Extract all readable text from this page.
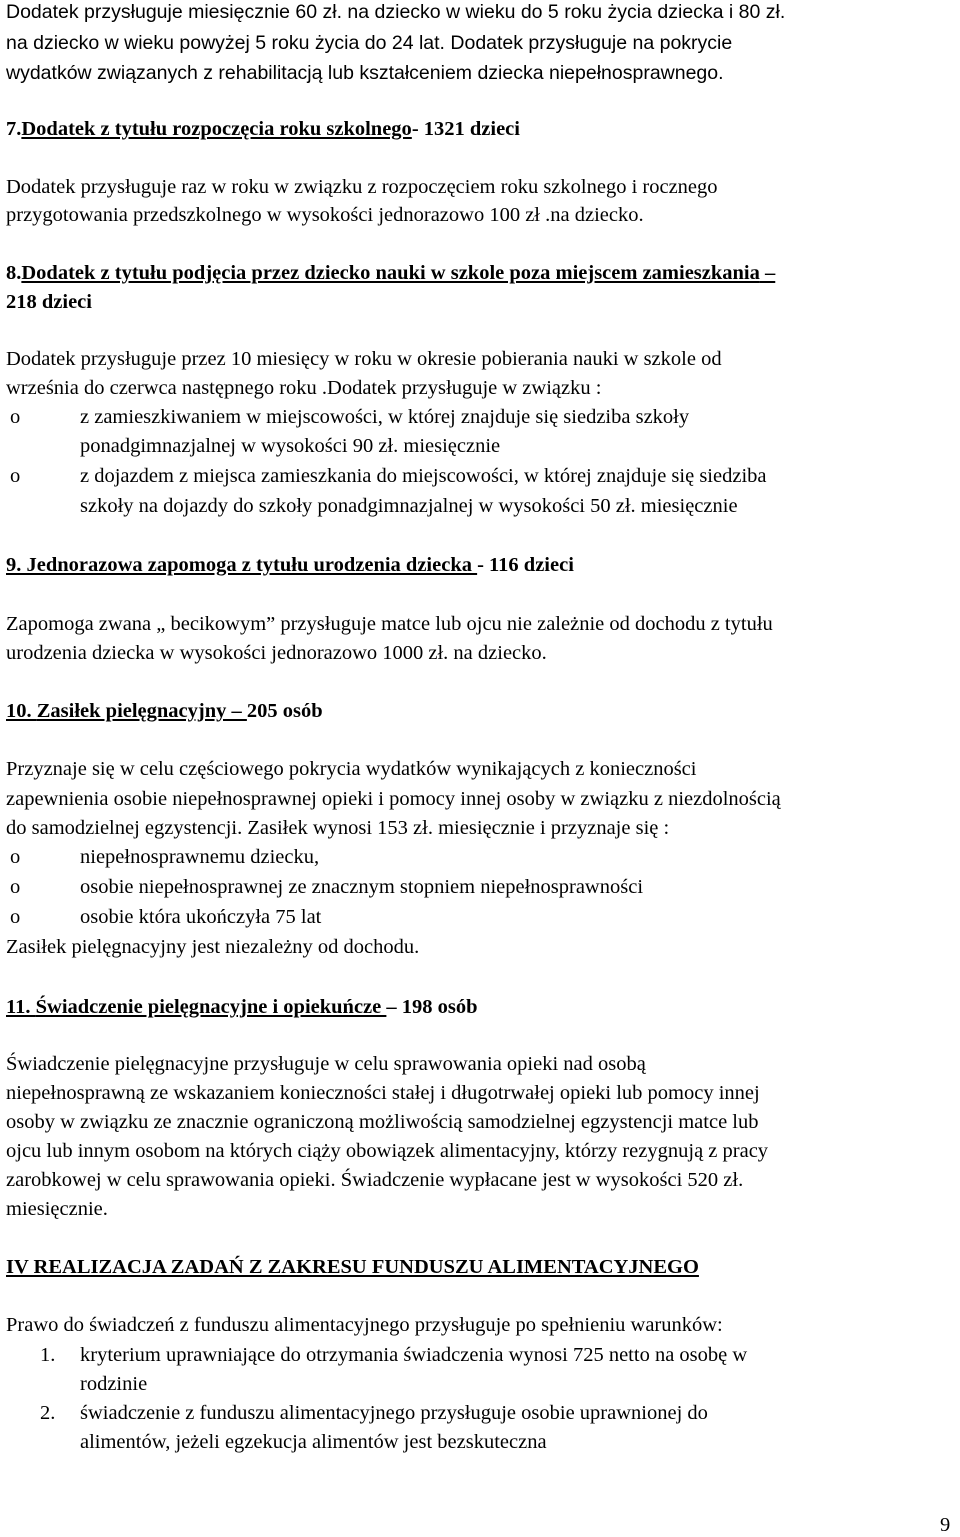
Dodatek przysługuje miesięcznie 60 zł. na dziecko w wieku do 5 roku życia dziecka i 80 zł.

na dziecko w wieku powyżej 5 roku życia do 24 lat. Dodatek przysługuje na pokrycie

wydatków związanych z rehabilitacją lub kształceniem dziecka niepełnosprawnego.

7.Dodatek z tytułu rozpoczęcia roku szkolnego- 1321 dzieci

Dodatek przysługuje raz w roku w związku z rozpoczęciem roku szkolnego i rocznego

przygotowania przedszkolnego w wysokości jednorazowo 100 zł .na dziecko.

8.Dodatek z tytułu podjęcia przez dziecko nauki w szkole poza miejscem zamieszkania –

218 dzieci

Dodatek przysługuje przez 10 miesięcy w roku w okresie pobierania nauki w szkole od

września do czerwca następnego roku .Dodatek przysługuje w związku :

o	z zamieszkiwaniem w miejscowości, w której znajduje się siedziba szkoły

ponadgimnazjalnej w wysokości 90 zł. miesięcznie

o	z dojazdem z miejsca zamieszkania do miejscowości, w której znajduje się siedziba

szkoły na dojazdy do szkoły ponadgimnazjalnej w wysokości 50 zł. miesięcznie

9. Jednorazowa zapomoga z tytułu urodzenia dziecka - 116 dzieci

Zapomoga zwana „ becikowym” przysługuje matce lub ojcu nie zależnie od dochodu z tytułu

urodzenia dziecka w wysokości jednorazowo 1000 zł. na dziecko.

10. Zasiłek pielęgnacyjny – 205 osób

Przyznaje się w celu częściowego pokrycia wydatków wynikających z konieczności

zapewnienia osobie niepełnosprawnej opieki i pomocy innej osoby w związku z niezdolnością

do samodzielnej egzystencji. Zasiłek wynosi 153 zł. miesięcznie i przyznaje się :

o	niepełnosprawnemu dziecku,

o	osobie niepełnosprawnej ze znacznym stopniem niepełnosprawności

o	osobie która ukończyła 75 lat

Zasiłek pielęgnacyjny jest niezależny od dochodu.

11. Świadczenie pielęgnacyjne i opiekuńcze – 198 osób

Świadczenie pielęgnacyjne przysługuje w celu sprawowania opieki nad osobą

niepełnosprawną ze wskazaniem konieczności stałej i długotrwałej opieki lub pomocy innej

osoby w związku ze znacznie ograniczoną możliwością samodzielnej egzystencji matce lub

ojcu lub innym osobom na których ciąży obowiązek alimentacyjny, którzy rezygnują z pracy

zarobkowej w celu sprawowania opieki. Świadczenie wypłacane jest w wysokości 520 zł.

miesięcznie.

IV REALIZACJA ZADAŃ Z ZAKRESU FUNDUSZU ALIMENTACYJNEGO

Prawo do świadczeń z funduszu alimentacyjnego przysługuje po spełnieniu warunków:

1. kryterium uprawniające do otrzymania świadczenia wynosi 725 netto na osobę w

rodzinie

2. świadczenie z funduszu alimentacyjnego przysługuje osobie uprawnionej do

alimentów, jeżeli egzekucja alimentów jest bezskuteczna

9
